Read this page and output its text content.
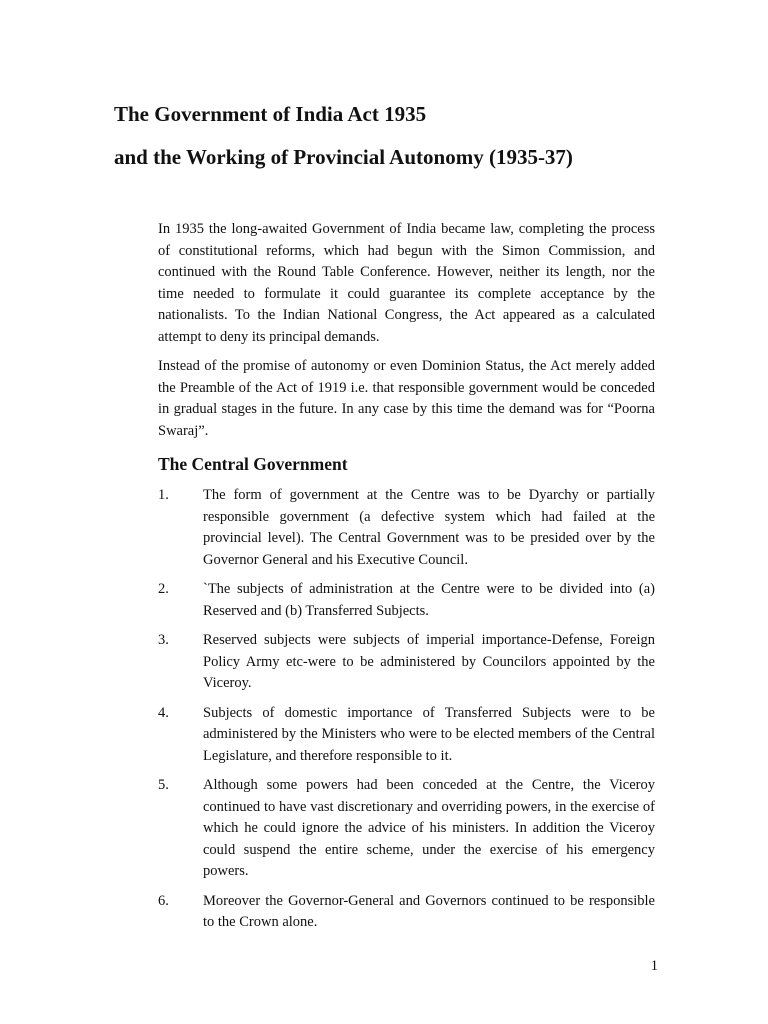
The Government of India Act 1935
and the Working of Provincial Autonomy (1935-37)

In 1935 the long-awaited Government of India became law, completing the process of constitutional reforms, which had begun with the Simon Commission, and continued with the Round Table Conference. However, neither its length, nor the time needed to formulate it could guarantee its complete acceptance by the nationalists. To the Indian National Congress, the Act appeared as a calculated attempt to deny its principal demands.

Instead of the promise of autonomy or even Dominion Status, the Act merely added the Preamble of the Act of 1919 i.e. that responsible government would be conceded in gradual stages in the future. In any case by this time the demand was for “Poorna Swaraj”.

The Central Government
1.	The form of government at the Centre was to be Dyarchy or partially responsible government (a defective system which had failed at the provincial level). The Central Government was to be presided over by the Governor General and his Executive Council.
2.	`The subjects of administration at the Centre were to be divided into (a) Reserved and (b) Transferred Subjects.
3.	Reserved subjects were subjects of imperial importance-Defense, Foreign Policy Army etc-were to be administered by Councilors appointed by the Viceroy.
4.	Subjects of domestic importance of Transferred Subjects were to be administered by the Ministers who were to be elected members of the Central Legislature, and therefore responsible to it.
5.	Although some powers had been conceded at the Centre, the Viceroy continued to have vast discretionary and overriding powers, in the exercise of which he could ignore the advice of his ministers. In addition the Viceroy could suspend the entire scheme, under the exercise of his emergency powers.
6.	Moreover the Governor-General and Governors continued to be responsible to the Crown alone.
1
